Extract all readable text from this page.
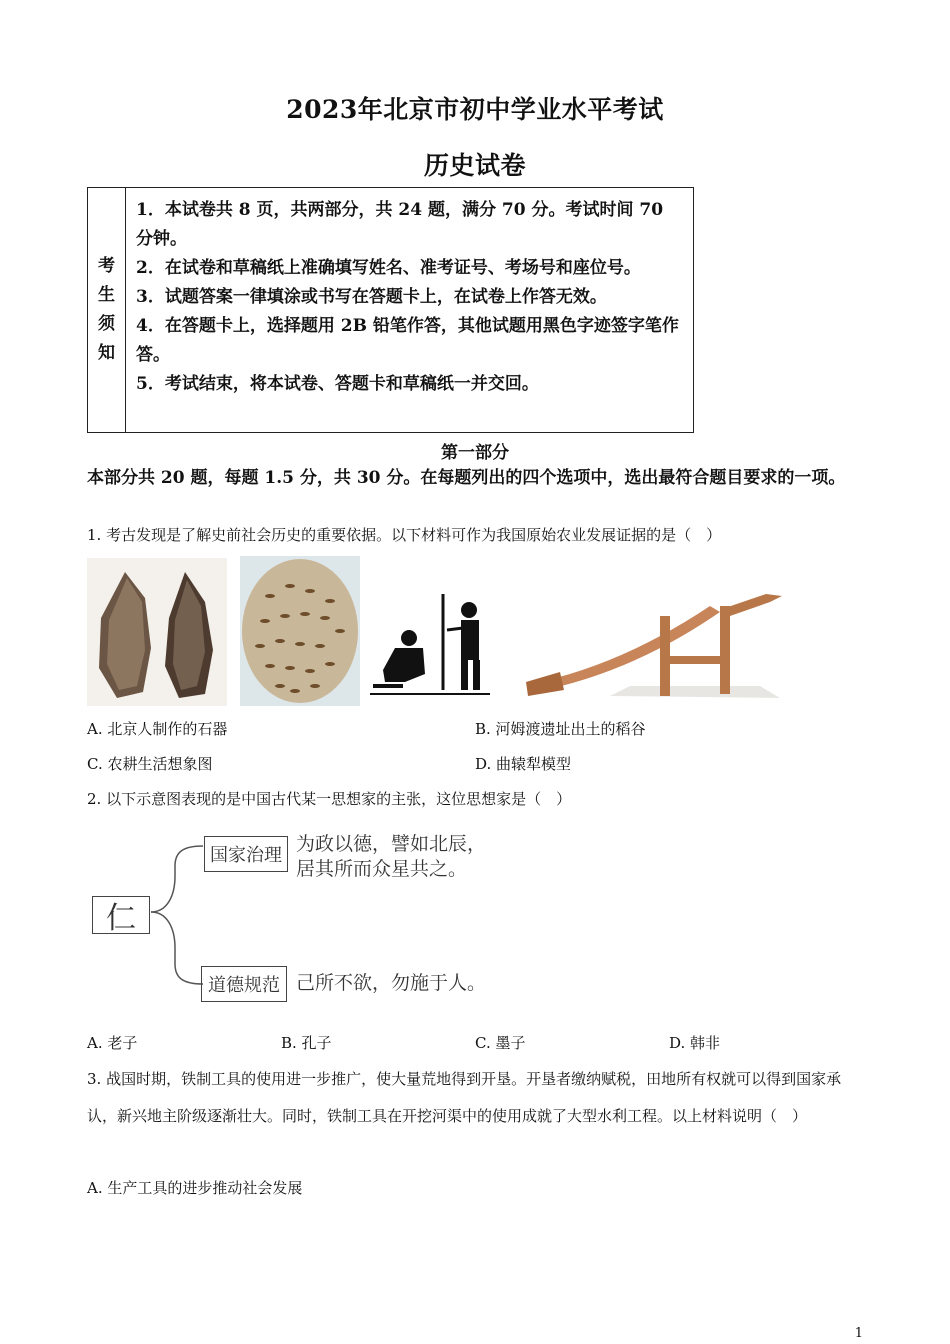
2023年北京市初中学业水平考试
历史试卷
考
生
须
知
1．本试卷共 8 页，共两部分，共 24 题，满分 70 分。考试时间 70 分钟。
2．在试卷和草稿纸上准确填写姓名、准考证号、考场号和座位号。
3．试题答案一律填涂或书写在答题卡上，在试卷上作答无效。
4．在答题卡上，选择题用 2B 铅笔作答，其他试题用黑色字迹签字笔作答。
5．考试结束，将本试卷、答题卡和草稿纸一并交回。
第一部分
本部分共 20 题，每题 1.5 分，共 30 分。在每题列出的四个选项中，选出最符合题目要求的一项。
1. 考古发现是了解史前社会历史的重要依据。以下材料可作为我国原始农业发展证据的是（　）
A. 北京人制作的石器	B. 河姆渡遗址出土的稻谷
C. 农耕生活想象图	D. 曲辕犁模型
2. 以下示意图表现的是中国古代某一思想家的主张，这位思想家是（　）
仁
国家治理
为政以德，譬如北辰，
居其所而众星共之。
道德规范 己所不欲，勿施于人。
A. 老子	B. 孔子	C. 墨子	D. 韩非
3. 战国时期，铁制工具的使用进一步推广，使大量荒地得到开垦。开垦者缴纳赋税，田地所有权就可以得到国家承认，新兴地主阶级逐渐壮大。同时，铁制工具在开挖河渠中的使用成就了大型水利工程。以上材料说明（　）
A. 生产工具的进步推动社会发展
1
